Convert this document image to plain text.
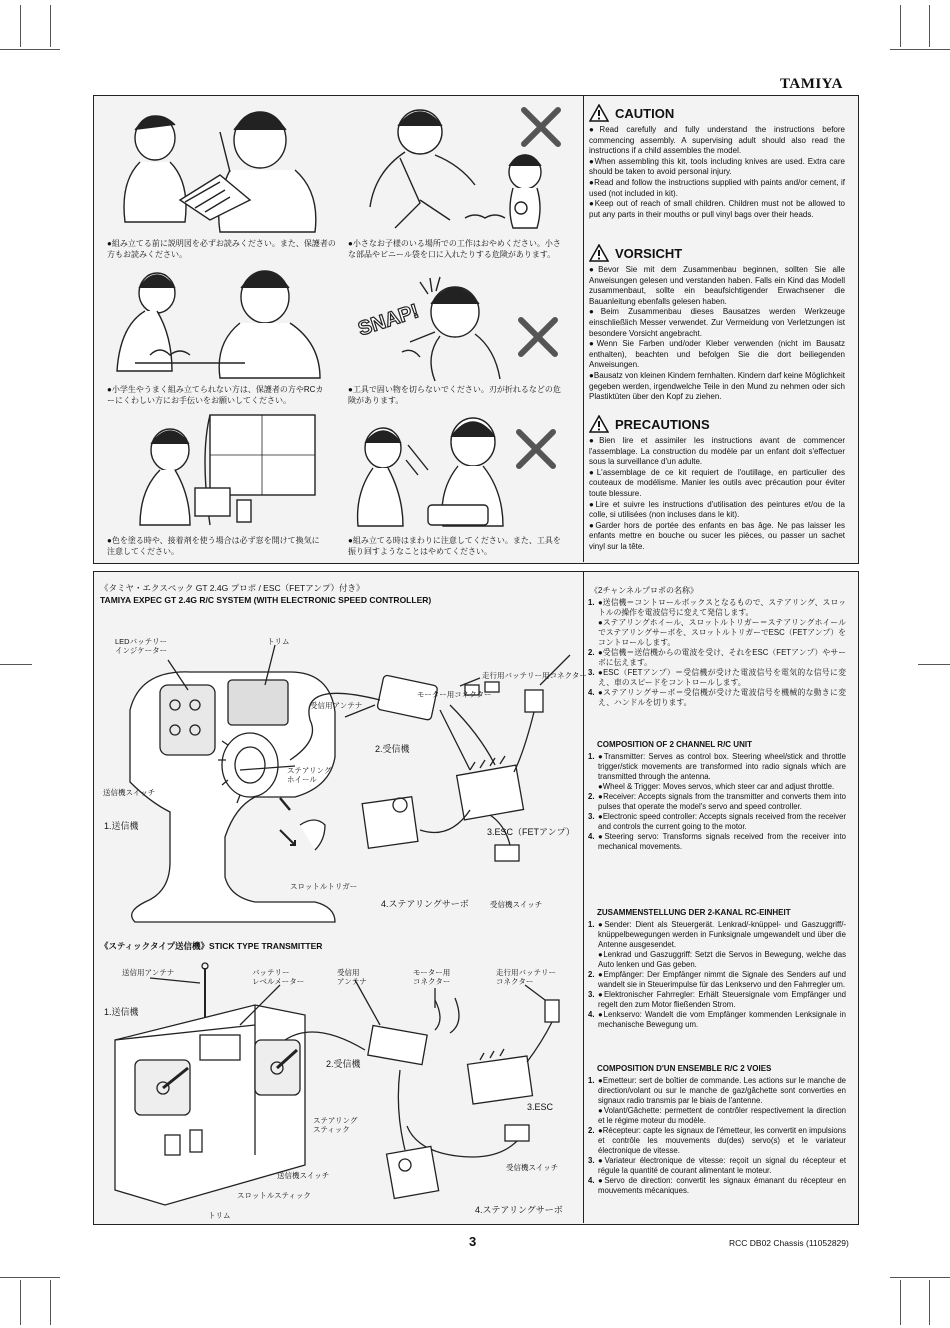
TAMIYA
●組み立てる前に説明図を必ずお読みください。また、保護者の方もお読みください。
●小さなお子様のいる場所での工作はおやめください。小さな部品やビニール袋を口に入れたりする危険があります。
●小学生やうまく組み立てられない方は、保護者の方やRCカーにくわしい方にお手伝いをお願いしてください。
SNAP!
●工具で固い物を切らないでください。刃が折れるなどの危険があります。
●色を塗る時や、接着剤を使う場合は必ず窓を開けて換気に注意してください。
●組み立てる時はまわりに注意してください。また、工具を振り回すようなことはやめてください。
CAUTION

●Read carefully and fully understand the instructions before commencing assembly. A supervising adult should also read the instructions if a child assembles the model.

●When assembling this kit, tools including knives are used. Extra care should be taken to avoid personal injury.

●Read and follow the instructions supplied with paints and/or cement, if used (not included in kit).

●Keep out of reach of small children. Children must not be allowed to put any parts in their mouths or pull vinyl bags over their heads.

VORSICHT

●Bevor Sie mit dem Zusammenbau beginnen, sollten Sie alle Anweisungen gelesen und verstanden haben. Falls ein Kind das Modell zusammenbaut, sollte ein beaufsichtigender Erwachsener die Bauanleitung ebenfalls gelesen haben.

●Beim Zusammenbau dieses Bausatzes werden Werkzeuge einschließlich Messer verwendet. Zur Vermeidung von Verletzungen ist besondere Vorsicht angebracht.

●Wenn Sie Farben und/oder Kleber verwenden (nicht im Bausatz enthalten), beachten und befolgen Sie die dort beiliegenden Anweisungen.

●Bausatz von kleinen Kindern fernhalten. Kindern darf keine Möglichkeit gegeben werden, irgendwelche Teile in den Mund zu nehmen oder sich Plastiktüten über den Kopf zu ziehen.

PRECAUTIONS

●Bien lire et assimiler les instructions avant de commencer l'assemblage. La construction du modèle par un enfant doit s'effectuer sous la surveillance d'un adulte.

●L'assemblage de ce kit requiert de l'outillage, en particulier des couteaux de modélisme. Manier les outils avec précaution pour éviter toute blessure.

●Lire et suivre les instructions d'utilisation des peintures et/ou de la colle, si utilisées (non incluses dans le kit).

●Garder hors de portée des enfants en bas âge. Ne pas laisser les enfants mettre en bouche ou sucer les pièces, ou passer un sachet vinyl sur la tête.

《タミヤ・エクスペック GT 2.4G プロポ / ESC（FETアンプ）付き》
TAMIYA EXPEC GT 2.4G R/C SYSTEM (WITH ELECTRONIC SPEED CONTROLLER)
LEDバッテリー
インジケーター
トリム
受信用アンテナ
モーター用コネクター
走行用バッテリー用コネクター
2.受信機
ステアリング
ホイール
送信機スイッチ
1.送信機
3.ESC（FETアンプ）
スロットルトリガー
4.ステアリングサーボ	受信機スイッチ
《スティックタイプ送信機》STICK TYPE TRANSMITTER
送信用アンテナ	バッテリー
レベルメーター
受信用
アンテナ
モーター用
コネクター
走行用バッテリー
コネクター
1.送信機
2.受信機
ステアリング
スティック
3.ESC
受信機スイッチ
送信機スイッチ
スロットルスティック
トリム
4.ステアリングサーボ
《2チャンネルプロポの名称》
1. ●送信機＝コントロールボックスとなるもので、ステアリング、スロットルの操作を電波信号に変えて発信します。
●ステアリングホイール、スロットルトリガー＝ステアリングホイールでステアリングサーボを、スロットルトリガーでESC（FETアンプ）をコントロールします。
2. ●受信機＝送信機からの電波を受け、それをESC（FETアンプ）やサーボに伝えます。
3. ●ESC（FETアンプ）＝受信機が受けた電波信号を電気的な信号に変え、車のスピードをコントロールします。
4. ●ステアリングサーボ＝受信機が受けた電波信号を機械的な動きに変え、ハンドルを切ります。
COMPOSITION OF 2 CHANNEL R/C UNIT
1. ●Transmitter: Serves as control box. Steering wheel/stick and throttle trigger/stick movements are transformed into radio signals which are transmitted through the antenna.
●Wheel & Trigger: Moves servos, which steer car and adjust throttle.
2. ●Receiver: Accepts signals from the transmitter and converts them into pulses that operate the model's servo and speed controller.
3. ●Electronic speed controller: Accepts signals received from the receiver and controls the current going to the motor.
4. ●Steering servo: Transforms signals received from the receiver into mechanical movements.
ZUSAMMENSTELLUNG DER 2-KANAL RC-EINHEIT
1. ●Sender: Dient als Steuergerät. Lenkrad/-knüppel- und Gaszuggriff/- knüppelbewegungen werden in Funksignale umgewandelt und über die Antenne ausgesendet.
●Lenkrad und Gaszuggriff: Setzt die Servos in Bewegung, welche das Auto lenken und Gas geben.
2. ●Empfänger: Der Empfänger nimmt die Signale des Senders auf und wandelt sie in Steuerimpulse für das Lenkservo und den Fahrregler um.
3. ●Elektronischer Fahrregler: Erhält Steuersignale vom Empfänger und regelt den zum Motor fließenden Strom.
4. ●Lenkservo: Wandelt die vom Empfänger kommenden Lenksignale in mechanische Bewegung um.
COMPOSITION D'UN ENSEMBLE R/C 2 VOIES
1. ●Emetteur: sert de boîtier de commande. Les actions sur le manche de direction/volant ou sur le manche de gaz/gâchette sont converties en signaux radio transmis par le biais de l'antenne.
●Volant/Gâchette: permettent de contrôler respectivement la direction et le régime moteur du modèle.
2. ●Récepteur: capte les signaux de l'émetteur, les convertit en impulsions et contrôle les mouvements du(des) servo(s) et le variateur électronique de vitesse.
3. ●Variateur électronique de vitesse: reçoit un signal du récepteur et régule la quantité de courant alimentant le moteur.
4. ●Servo de direction: convertit les signaux émanant du récepteur en mouvements mécaniques.
3	RCC DB02 Chassis (11052829)
